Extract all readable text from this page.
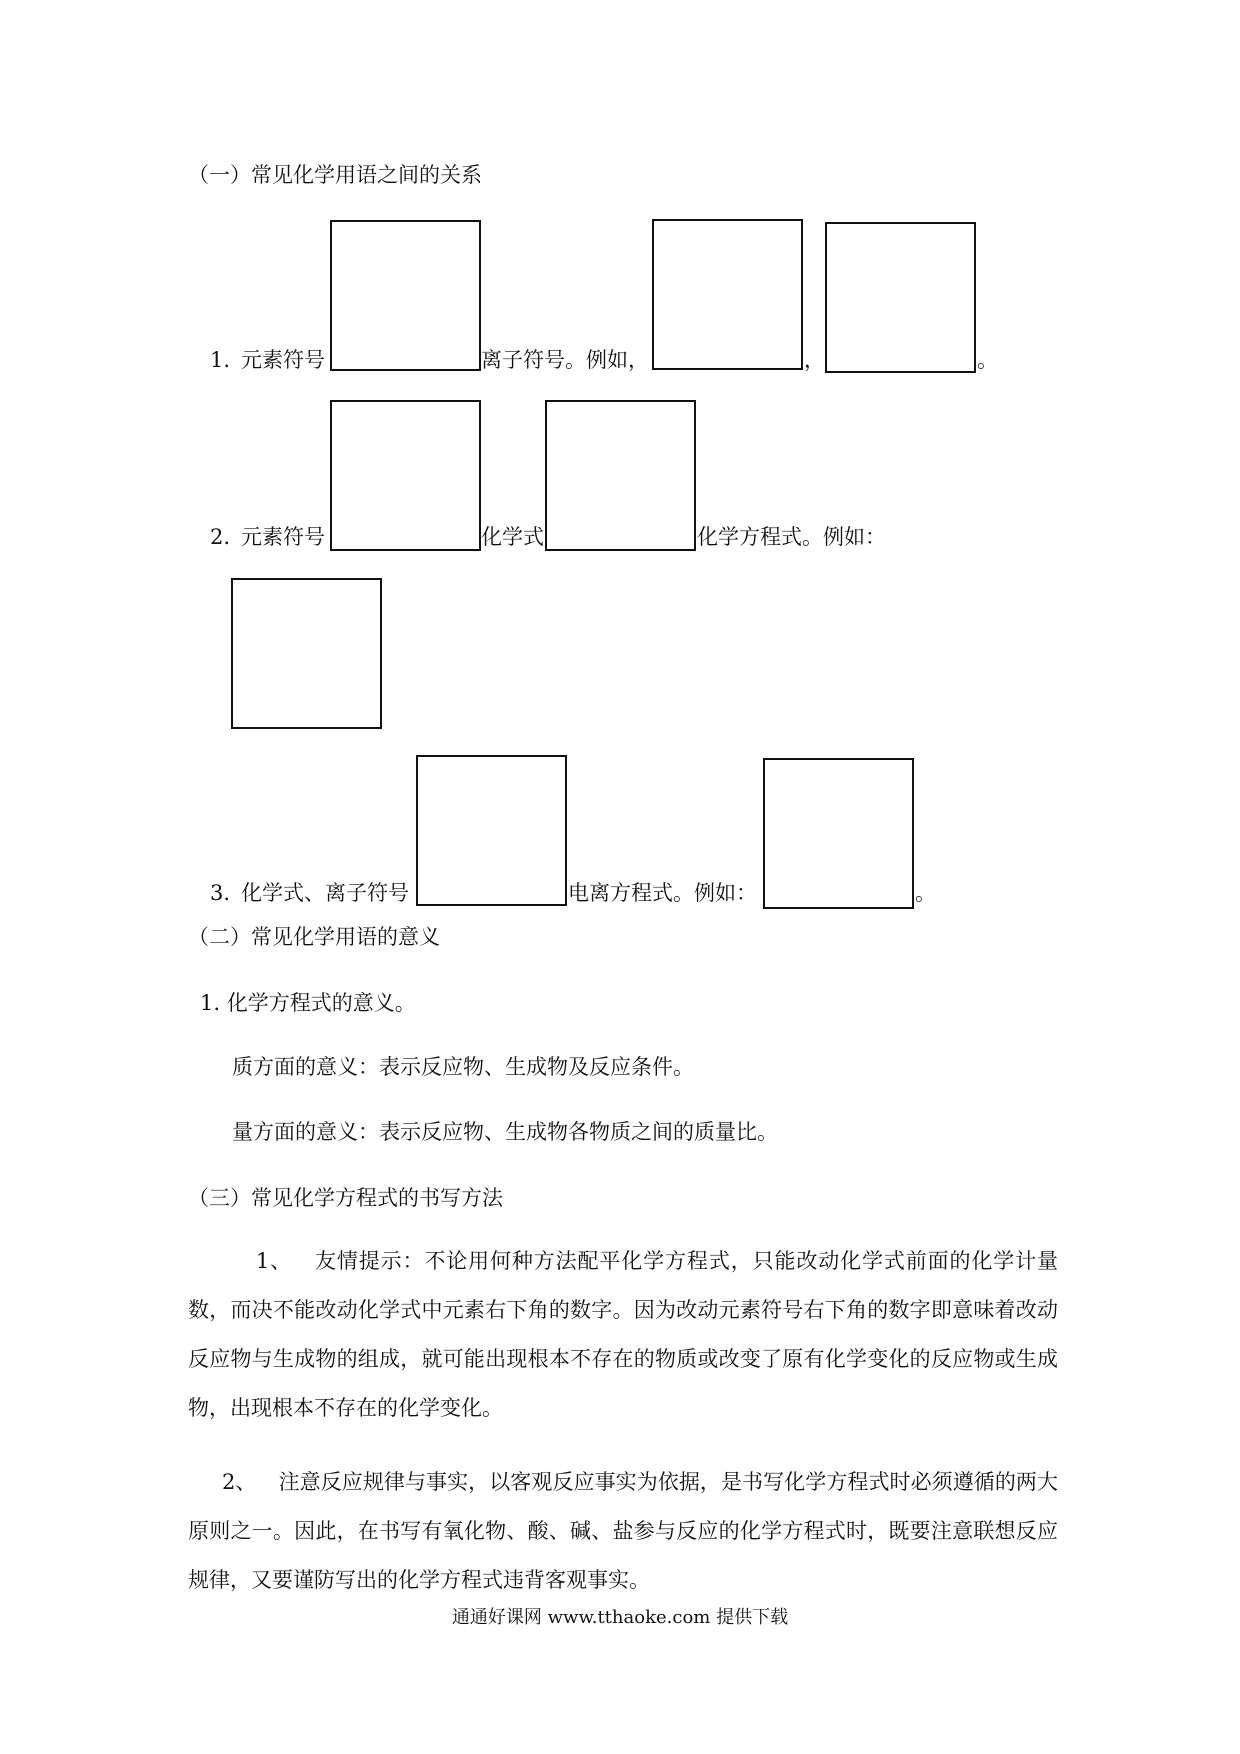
（一）常见化学用语之间的关系
1. 元素符号	离子符号。例如，	，	。
2. 元素符号	化学式	化学方程式。例如：
3. 化学式、离子符号	电离方程式。例如：	。
（二）常见化学用语的意义
1. 化学方程式的意义。
质方面的意义：表示反应物、生成物及反应条件。
量方面的意义：表示反应物、生成物各物质之间的质量比。
（三）常见化学方程式的书写方法
1、 友情提示：不论用何种方法配平化学方程式，只能改动化学式前面的化学计量数，而决不能改动化学式中元素右下角的数字。因为改动元素符号右下角的数字即意味着改动反应物与生成物的组成，就可能出现根本不存在的物质或改变了原有化学变化的反应物或生成物，出现根本不存在的化学变化。
2、 注意反应规律与事实，以客观反应事实为依据，是书写化学方程式时必须遵循的两大原则之一。因此，在书写有氧化物、酸、碱、盐参与反应的化学方程式时，既要注意联想反应规律，又要谨防写出的化学方程式违背客观事实。
通通好课网 www.tthaoke.com 提供下载
